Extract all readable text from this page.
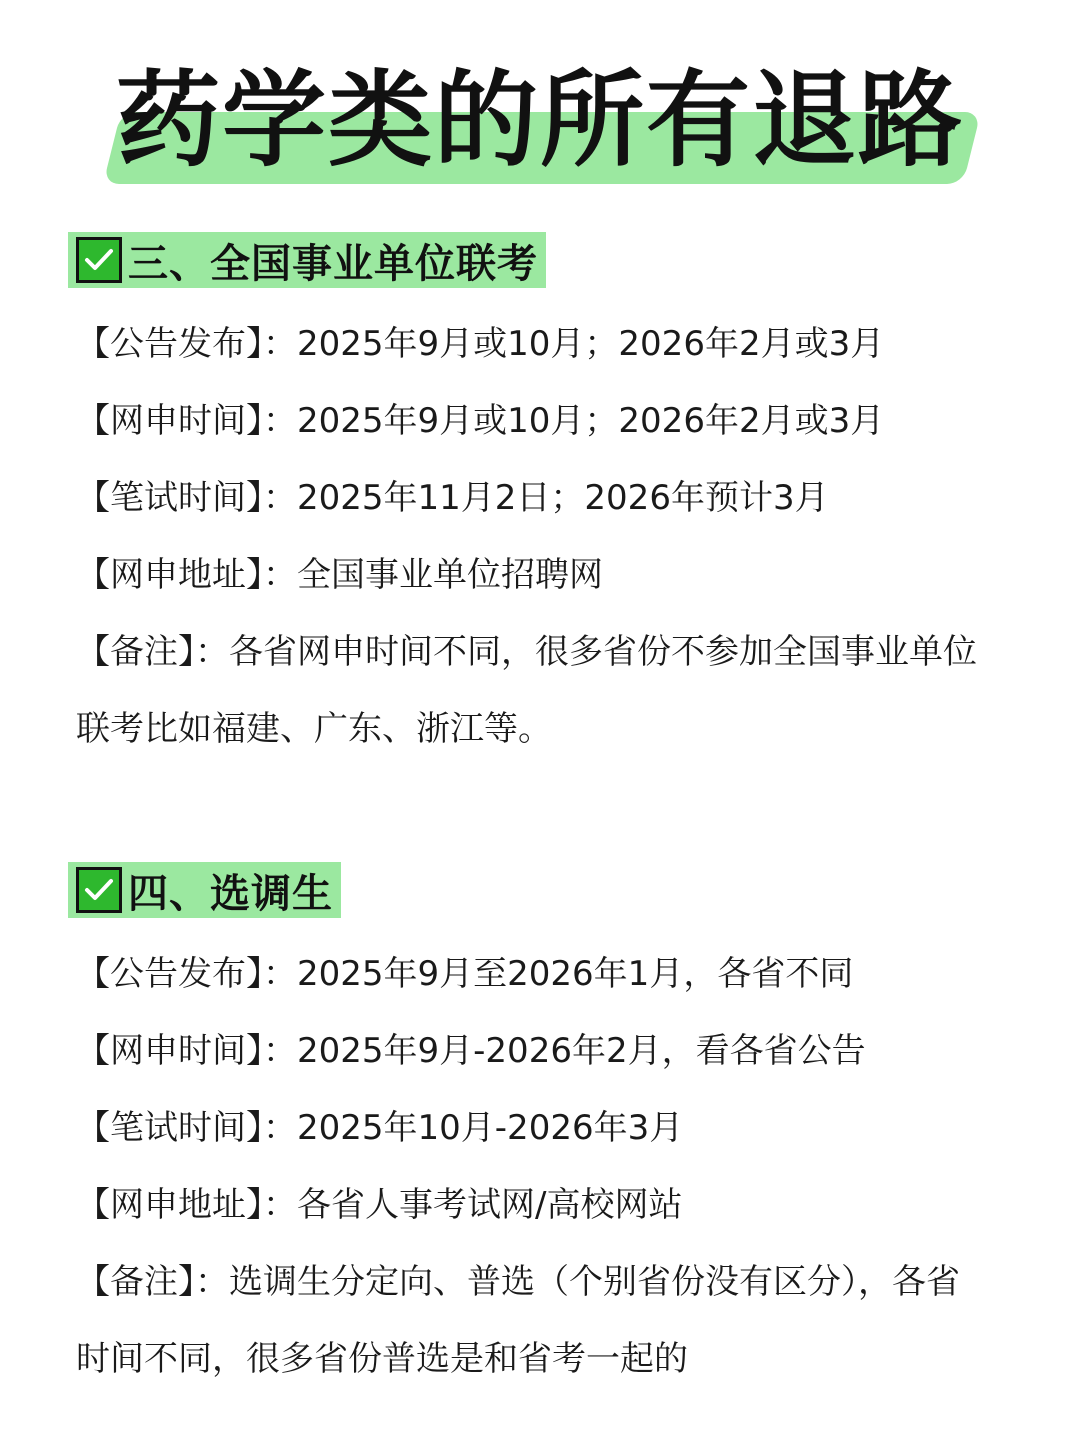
药学类的所有退路
三、全国事业单位联考
【公告发布】：2025年9月或10月；2026年2月或3月
【网申时间】：2025年9月或10月；2026年2月或3月
【笔试时间】：2025年11月2日；2026年预计3月
【网申地址】：全国事业单位招聘网
【备注】：各省网申时间不同，很多省份不参加全国事业单位
联考比如福建、广东、浙江等。
四、选调生
【公告发布】：2025年9月至2026年1月，各省不同
【网申时间】：2025年9月-2026年2月，看各省公告
【笔试时间】：2025年10月-2026年3月
【网申地址】：各省人事考试网/高校网站
【备注】：选调生分定向、普选（个别省份没有区分），各省
时间不同，很多省份普选是和省考一起的
